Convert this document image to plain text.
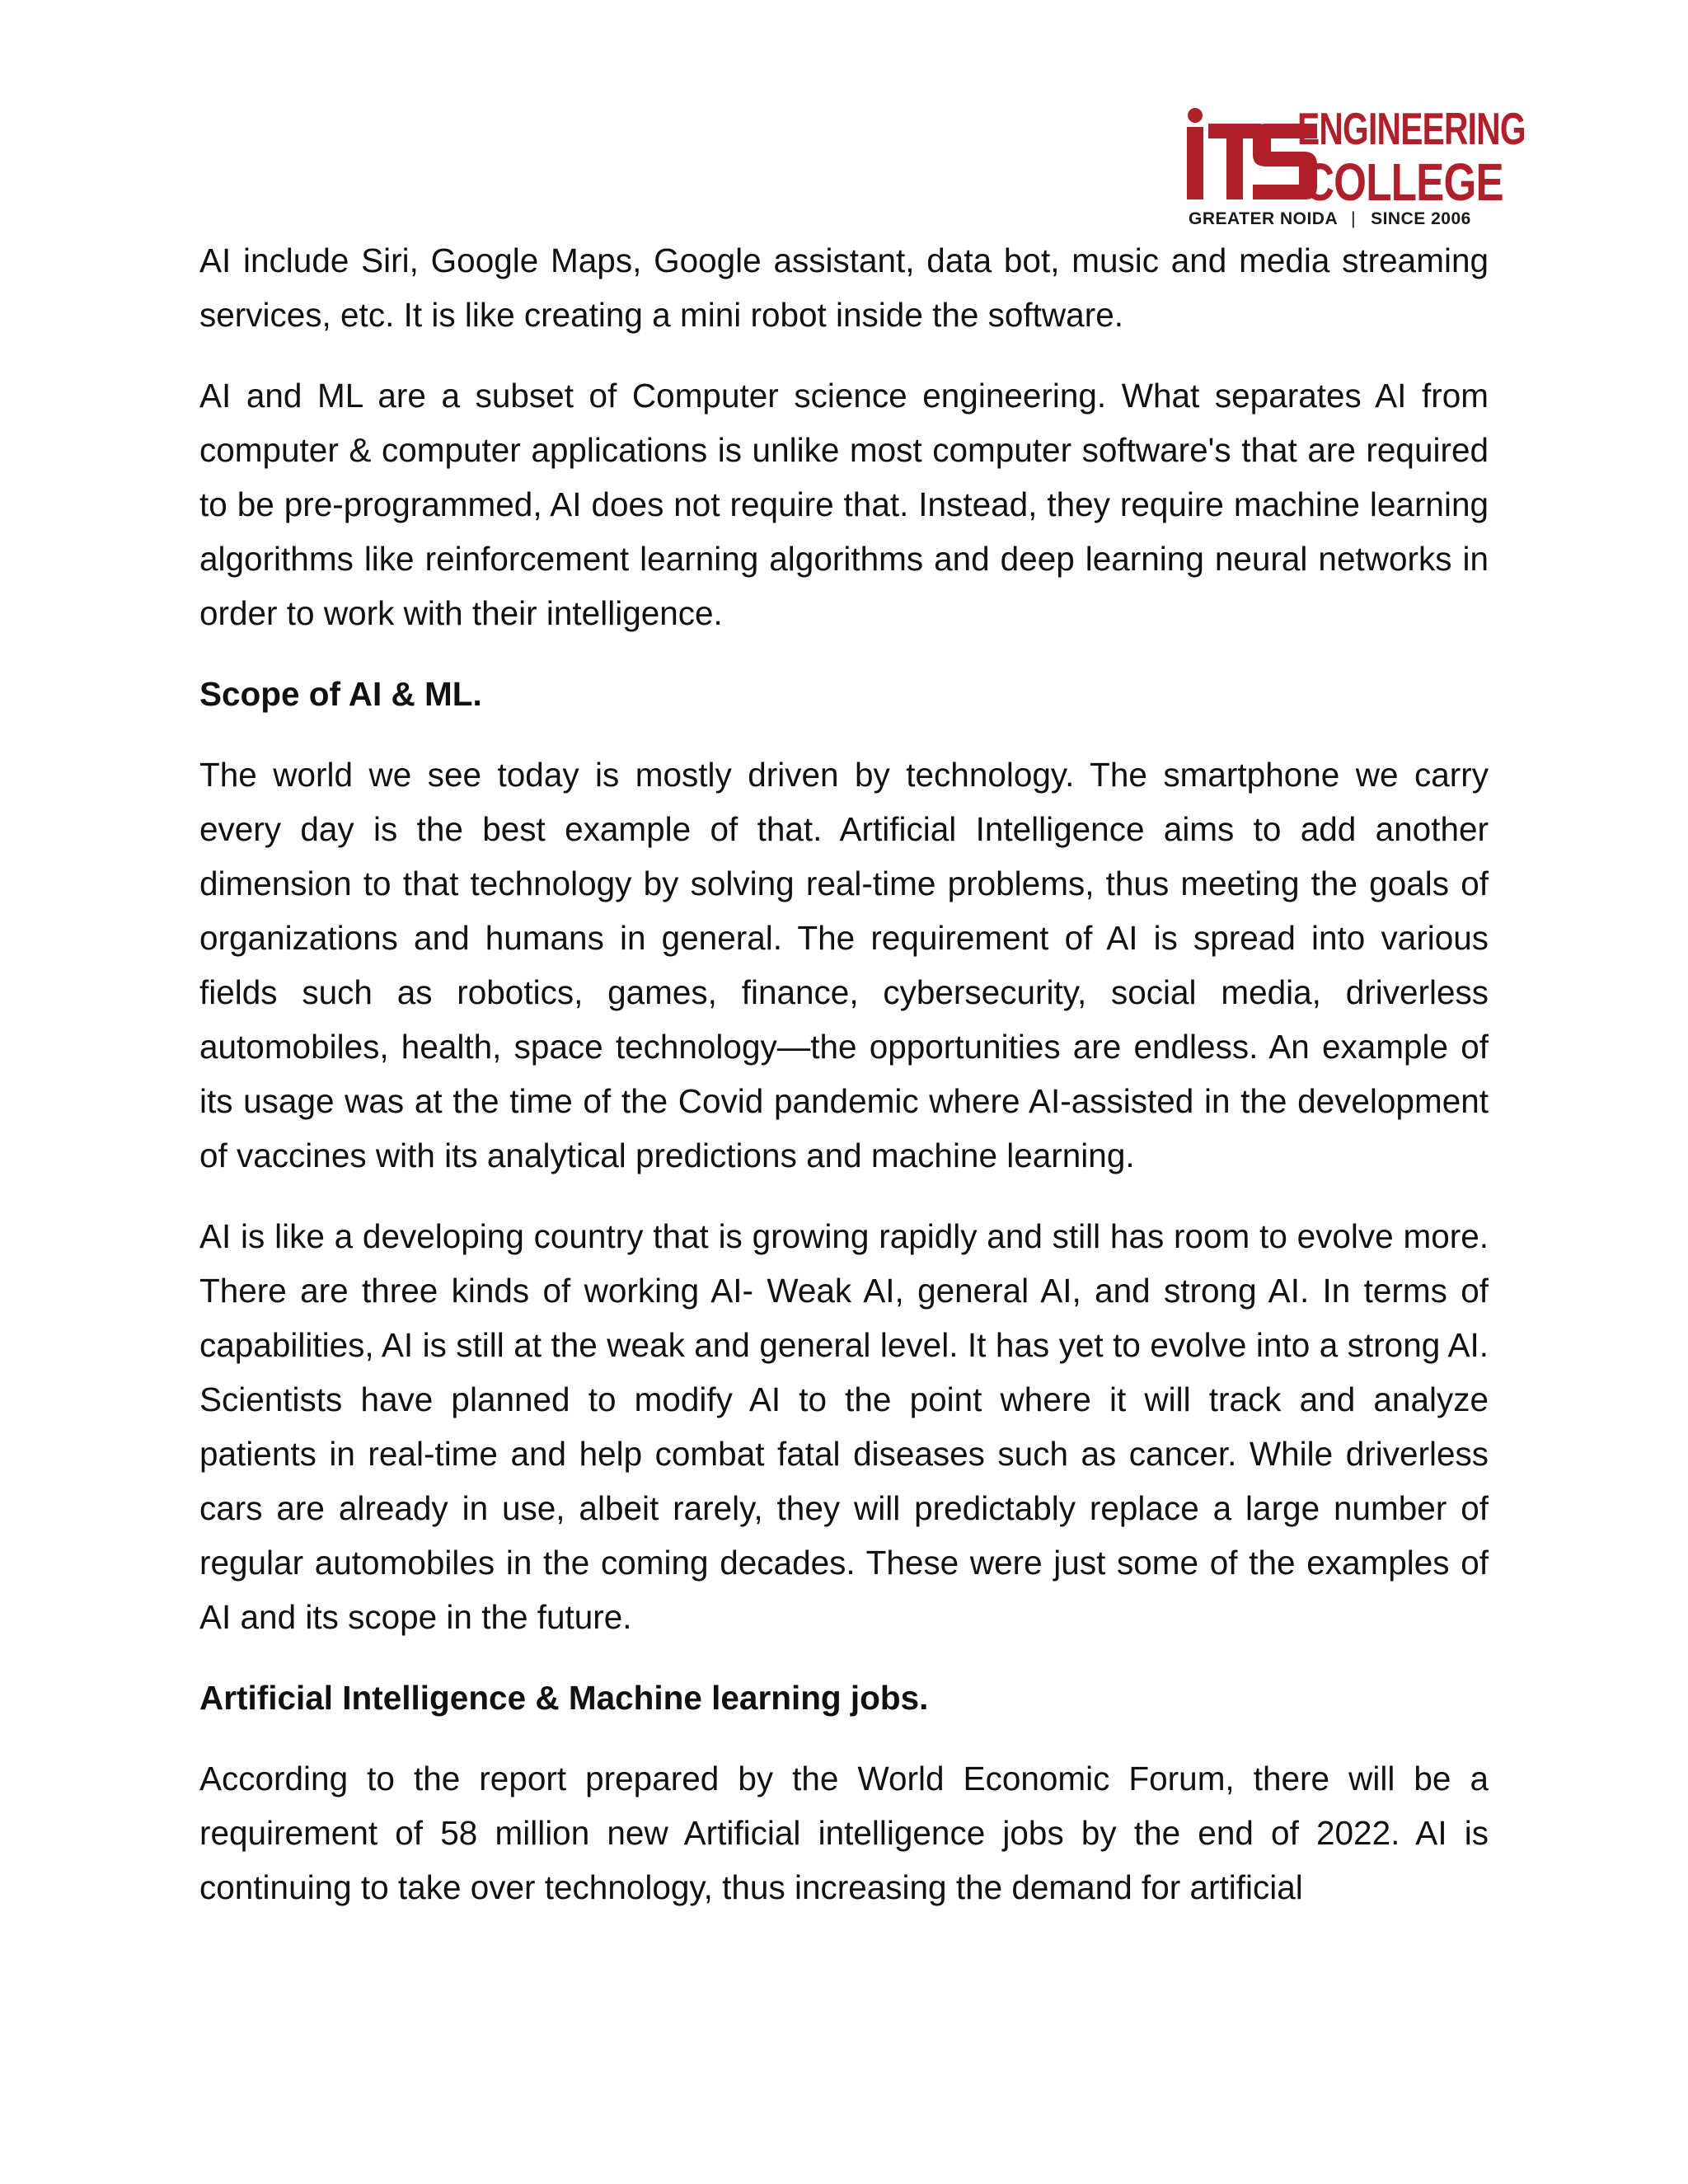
ENGINEERING
COLLEGE
GREATER NOIDA | SINCE 2006

AI include Siri, Google Maps, Google assistant, data bot, music and media streaming services, etc. It is like creating a mini robot inside the software.

AI and ML are a subset of Computer science engineering. What separates AI from computer & computer applications is unlike most computer software's that are required to be pre-programmed, AI does not require that. Instead, they require machine learning algorithms like reinforcement learning algorithms and deep learning neural networks in order to work with their intelligence.

Scope of AI & ML.

The world we see today is mostly driven by technology. The smartphone we carry every day is the best example of that. Artificial Intelligence aims to add another dimension to that technology by solving real-time problems, thus meeting the goals of organizations and humans in general. The requirement of AI is spread into various fields such as robotics, games, finance, cybersecurity, social media, driverless automobiles, health, space technology—the opportunities are endless. An example of its usage was at the time of the Covid pandemic where AI-assisted in the development of vaccines with its analytical predictions and machine learning.

AI is like a developing country that is growing rapidly and still has room to evolve more. There are three kinds of working AI- Weak AI, general AI, and strong AI. In terms of capabilities, AI is still at the weak and general level. It has yet to evolve into a strong AI. Scientists have planned to modify AI to the point where it will track and analyze patients in real-time and help combat fatal diseases such as cancer. While driverless cars are already in use, albeit rarely, they will predictably replace a large number of regular automobiles in the coming decades. These were just some of the examples of AI and its scope in the future.

Artificial Intelligence & Machine learning jobs.

According to the report prepared by the World Economic Forum, there will be a requirement of 58 million new Artificial intelligence jobs by the end of 2022. AI is continuing to take over technology, thus increasing the demand for artificial
